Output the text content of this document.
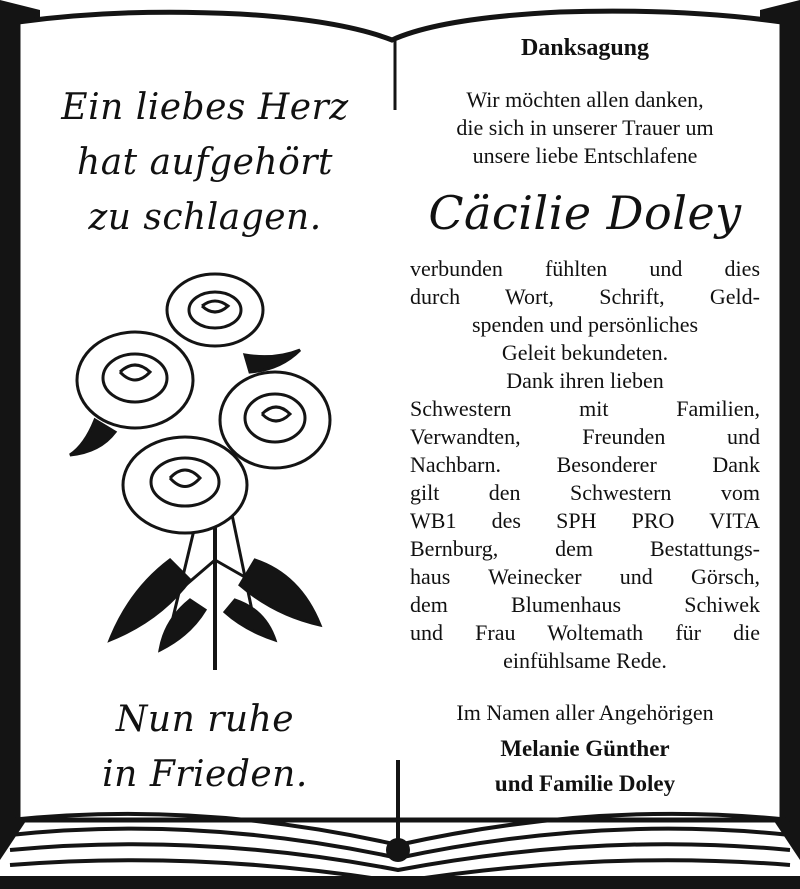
Ein liebes Herz
hat aufgehört
zu schlagen.
Nun ruhe
in Frieden.
Danksagung
Wir möchten allen danken,
die sich in unserer Trauer um
unsere liebe Entschlafene
Cäcilie Doley
verbunden fühlten und dies
durch Wort, Schrift, Geld-
spenden und persönliches
Geleit bekundeten.
Dank ihren lieben
Schwestern mit Familien,
Verwandten, Freunden und
Nachbarn. Besonderer Dank
gilt den Schwestern vom
WB1 des SPH PRO VITA
Bernburg, dem Bestattungs-
haus Weinecker und Görsch,
dem Blumenhaus Schiwek
und Frau Woltemath für die
einfühlsame Rede.
Im Namen aller Angehörigen
Melanie Günther
und Familie Doley
